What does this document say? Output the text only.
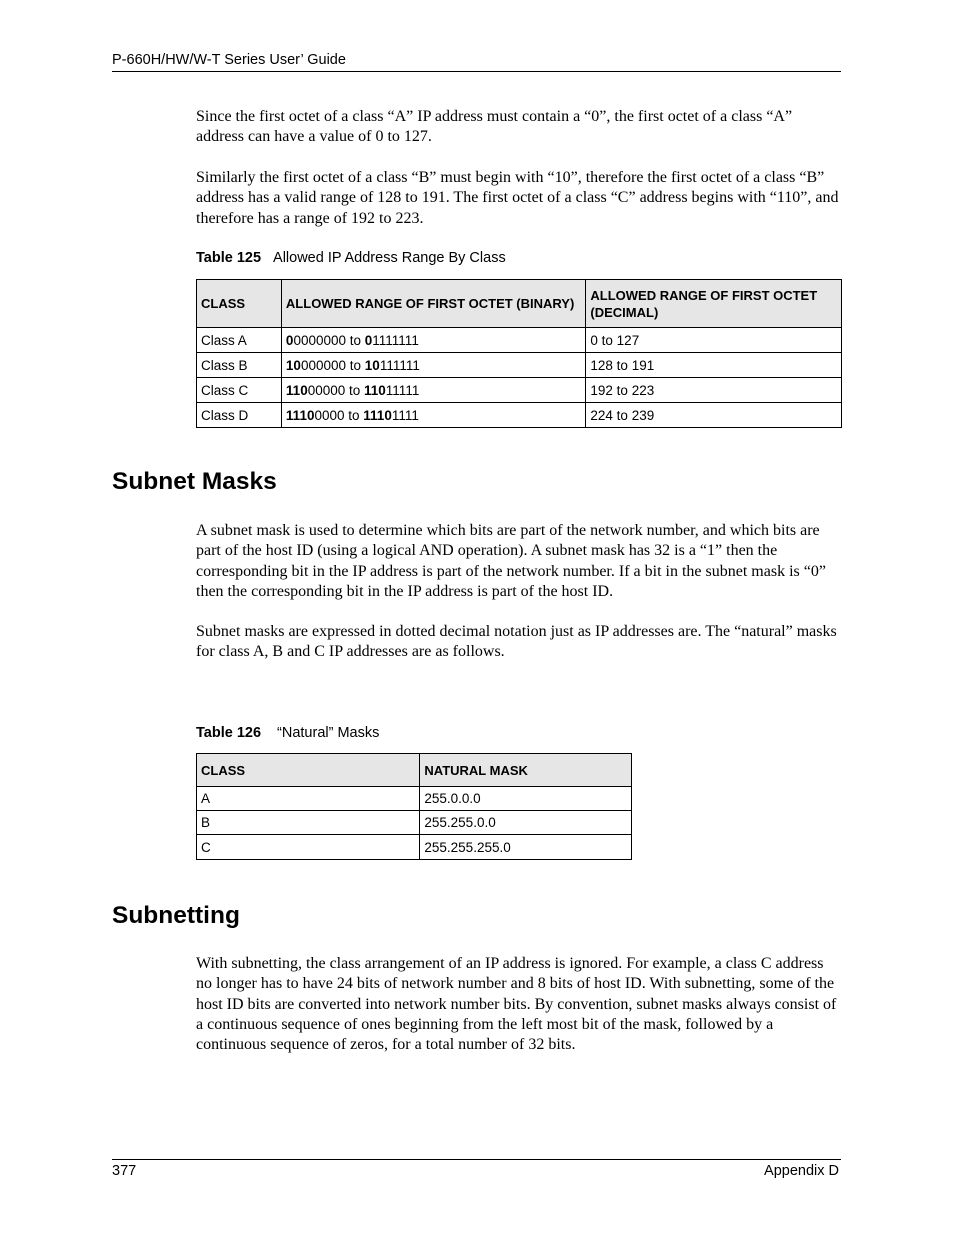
P-660H/HW/W-T Series User’ Guide

Since the first octet of a class “A” IP address must contain a “0”, the first octet of a class “A” address can have a value of 0 to 127.

Similarly the first octet of a class “B” must begin with “10”, therefore the first octet of a class “B” address has a valid range of 128 to 191. The first octet of a class “C” address begins with “110”, and therefore has a range of 192 to 223.

Table 125 Allowed IP Address Range By Class
CLASS	ALLOWED RANGE OF FIRST OCTET (BINARY)	ALLOWED RANGE OF FIRST OCTET (DECIMAL)
Class A	00000000 to 01111111	0 to 127
Class B	10000000 to 10111111	128 to 191
Class C	11000000 to 11011111	192 to 223
Class D	11100000 to 11101111	224 to 239
Subnet Masks

A subnet mask is used to determine which bits are part of the network number, and which bits are part of the host ID (using a logical AND operation). A subnet mask has 32 is a “1” then the corresponding bit in the IP address is part of the network number. If a bit in the subnet mask is “0” then the corresponding bit in the IP address is part of the host ID.

Subnet masks are expressed in dotted decimal notation just as IP addresses are. The “natural” masks for class A, B and C IP addresses are as follows.

Table 126 “Natural” Masks
CLASS	NATURAL MASK
A	255.0.0.0
B	255.255.0.0
C	255.255.255.0
Subnetting

With subnetting, the class arrangement of an IP address is ignored. For example, a class C address no longer has to have 24 bits of network number and 8 bits of host ID. With subnetting, some of the host ID bits are converted into network number bits. By convention, subnet masks always consist of a continuous sequence of ones beginning from the left most bit of the mask, followed by a continuous sequence of zeros, for a total number of 32 bits.

377	Appendix D
